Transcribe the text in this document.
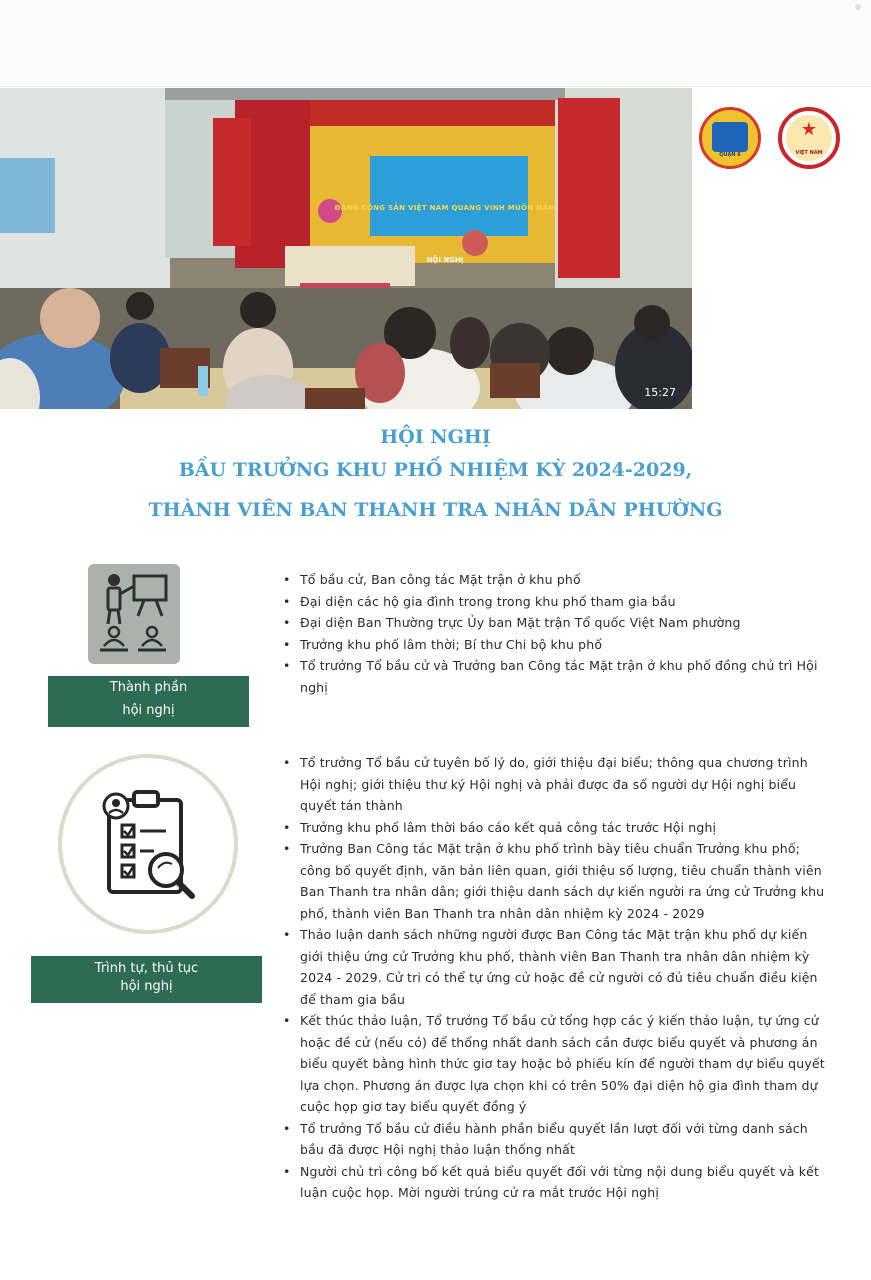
ĐẢNG CỘNG SẢN VIỆT NAM QUANG VINH MUÔN NĂM
HỘI NGHỊ
15:27
QUẬN 6
★
VIỆT NAM
HỘI NGHỊ
BẦU TRƯỞNG KHU PHỐ NHIỆM KỲ 2024-2029,
THÀNH VIÊN BAN THANH TRA NHÂN DÂN PHƯỜNG
Thành phần
hội nghị
• Tổ bầu cử, Ban công tác Mặt trận ở khu phố
• Đại diện các hộ gia đình trong trong khu phố tham gia bầu
• Đại diện Ban Thường trực Ủy ban Mặt trận Tổ quốc Việt Nam phường
• Trưởng khu phố lâm thời; Bí thư Chi bộ khu phố
• Tổ trưởng Tổ bầu cử và Trưởng ban Công tác Mặt trận ở khu phố đồng chủ trì Hội nghị
Trình tự, thủ tục
hội nghị
• Tổ trưởng Tổ bầu cử tuyên bố lý do, giới thiệu đại biểu; thông qua chương trình Hội nghị; giới thiệu thư ký Hội nghị và phải được đa số người dự Hội nghị biểu quyết tán thành
• Trưởng khu phố lâm thời báo cáo kết quả công tác trước Hội nghị
• Trưởng Ban Công tác Mặt trận ở khu phố trình bày tiêu chuẩn Trưởng khu phố; công bố quyết định, văn bản liên quan, giới thiệu số lượng, tiêu chuẩn thành viên Ban Thanh tra nhân dân; giới thiệu danh sách dự kiến người ra ứng cử Trưởng khu phố, thành viên Ban Thanh tra nhân dân nhiệm kỳ 2024 - 2029
• Thảo luận danh sách những người được Ban Công tác Mặt trận khu phố dự kiến giới thiệu ứng cử Trưởng khu phố, thành viên Ban Thanh tra nhân dân nhiệm kỳ 2024 - 2029. Cử tri có thể tự ứng cử hoặc đề cử người có đủ tiêu chuẩn điều kiện để tham gia bầu
• Kết thúc thảo luận, Tổ trưởng Tổ bầu cử tổng hợp các ý kiến thảo luận, tự ứng cử hoặc đề cử (nếu có) để thống nhất danh sách cần được biểu quyết và phương án biểu quyết bằng hình thức giơ tay hoặc bỏ phiếu kín để người tham dự biểu quyết lựa chọn. Phương án được lựa chọn khi có trên 50% đại diện hộ gia đình tham dự cuộc họp giơ tay biểu quyết đồng ý
• Tổ trưởng Tổ bầu cử điều hành phần biểu quyết lần lượt đối với từng danh sách bầu đã được Hội nghị thảo luận thống nhất
• Người chủ trì công bố kết quả biểu quyết đối với từng nội dung biểu quyết và kết luận cuộc họp. Mời người trúng cử ra mắt trước Hội nghị
